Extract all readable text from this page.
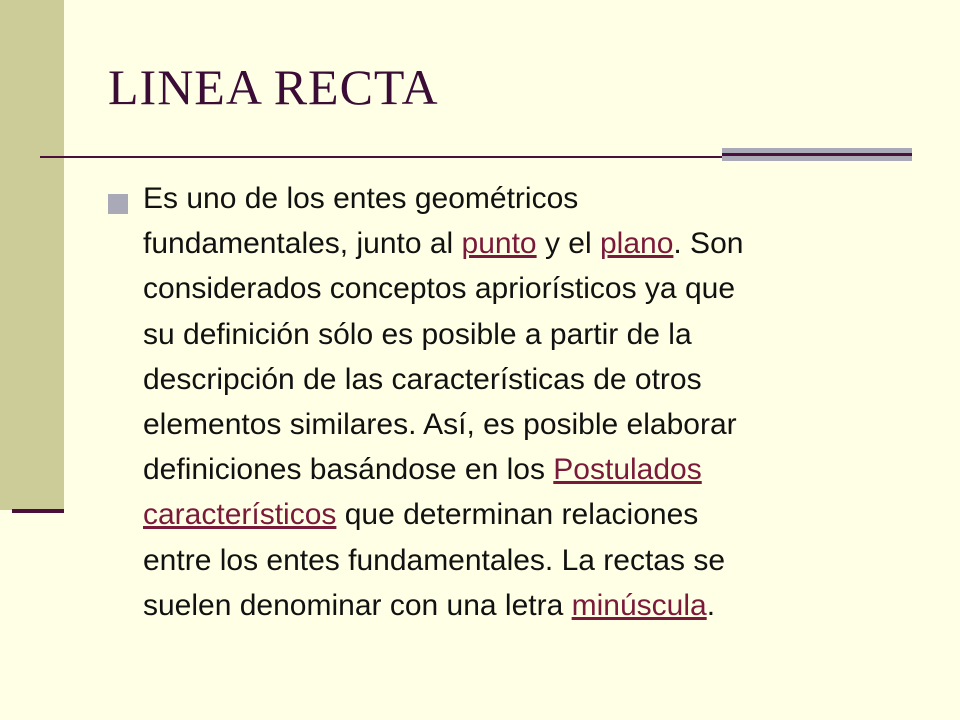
LINEA RECTA
Es uno de los entes geométricos
fundamentales, junto al punto y el plano. Son
considerados conceptos apriorísticos ya que
su definición sólo es posible a partir de la
descripción de las características de otros
elementos similares. Así, es posible elaborar
definiciones basándose en los Postulados
característicos que determinan relaciones
entre los entes fundamentales. La rectas se
suelen denominar con una letra minúscula.
